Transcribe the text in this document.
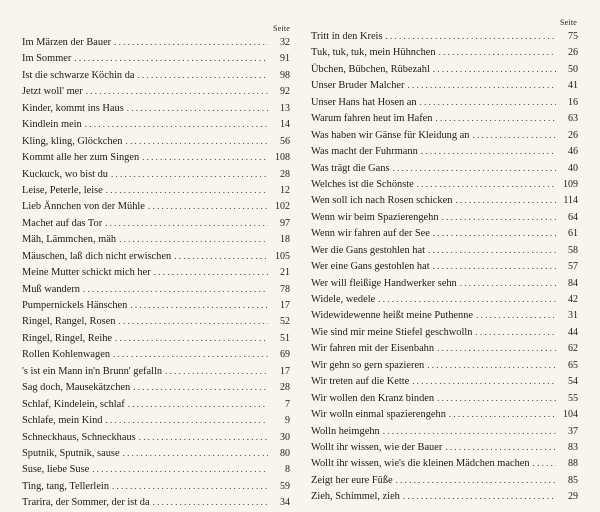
Seite
Im Märzen der Bauer . . .	32
Im Sommer . . .	91
Ist die schwarze Köchin da . . .	98
Jetzt woll' mer . . .	92
Kinder, kommt ins Haus . . .	13
Kindlein mein . . .	14
Kling, kling, Glöckchen . . .	56
Kommt alle her zum Singen . . .	108
Kuckuck, wo bist du . . .	28
Leise, Peterle, leise . . .	12
Lieb Ännchen von der Mühle . . .	102
Machet auf das Tor . . .	97
Mäh, Lämmchen, mäh . . .	18
Mäuschen, laß dich nicht erwischen . . .	105
Meine Mutter schickt mich her . . .	21
Muß wandern . . .	78
Pumpernickels Hänschen . . .	17
Ringel, Rangel, Rosen . . .	52
Ringel, Ringel, Reihe . . .	51
Rollen Kohlenwagen . . .	69
's ist ein Mann in'n Brunn' gefalln . . .	17
Sag doch, Mausekätzchen . . .	28
Schlaf, Kindelein, schlaf . . .	7
Schlafe, mein Kind . . .	9
Schneckhaus, Schneckhaus . . .	30
Sputnik, Sputnik, sause . . .	80
Suse, liebe Suse . . .	8
Ting, tang, Tellerlein . . .	59
Trarira, der Sommer, der ist da . . .	34
Seite
Tritt in den Kreis . . .	75
Tuk, tuk, tuk, mein Hühnchen . . .	26
Übchen, Bübchen, Rübezahl . . .	50
Unser Bruder Malcher . . .	41
Unser Hans hat Hosen an . . .	16
Warum fahren heut im Hafen . . .	63
Was haben wir Gänse für Kleidung an . . .	26
Was macht der Fuhrmann . . .	46
Was trägt die Gans . . .	40
Welches ist die Schönste . . .	109
Wen soll ich nach Rosen schicken . . .	114
Wenn wir beim Spazierengehn . . .	64
Wenn wir fahren auf der See . . .	61
Wer die Gans gestohlen hat . . .	58
Wer eine Gans gestohlen hat . . .	57
Wer will fleißige Handwerker sehn . . .	84
Widele, wedele . . .	42
Widewidewenne heißt meine Puthenne . . .	31
Wie sind mir meine Stiefel geschwolln . . .	44
Wir fahren mit der Eisenbahn . . .	62
Wir gehn so gern spazieren . . .	65
Wir treten auf die Kette . . .	54
Wir wollen den Kranz binden . . .	55
Wir wolln einmal spazierengehn . . .	104
Wolln heimgehn . . .	37
Wollt ihr wissen, wie der Bauer . . .	83
Wollt ihr wissen, wie's die kleinen Mädchen machen . . .	88
Zeigt her eure Füße . . .	85
Zieh, Schimmel, zieh . . .	29
